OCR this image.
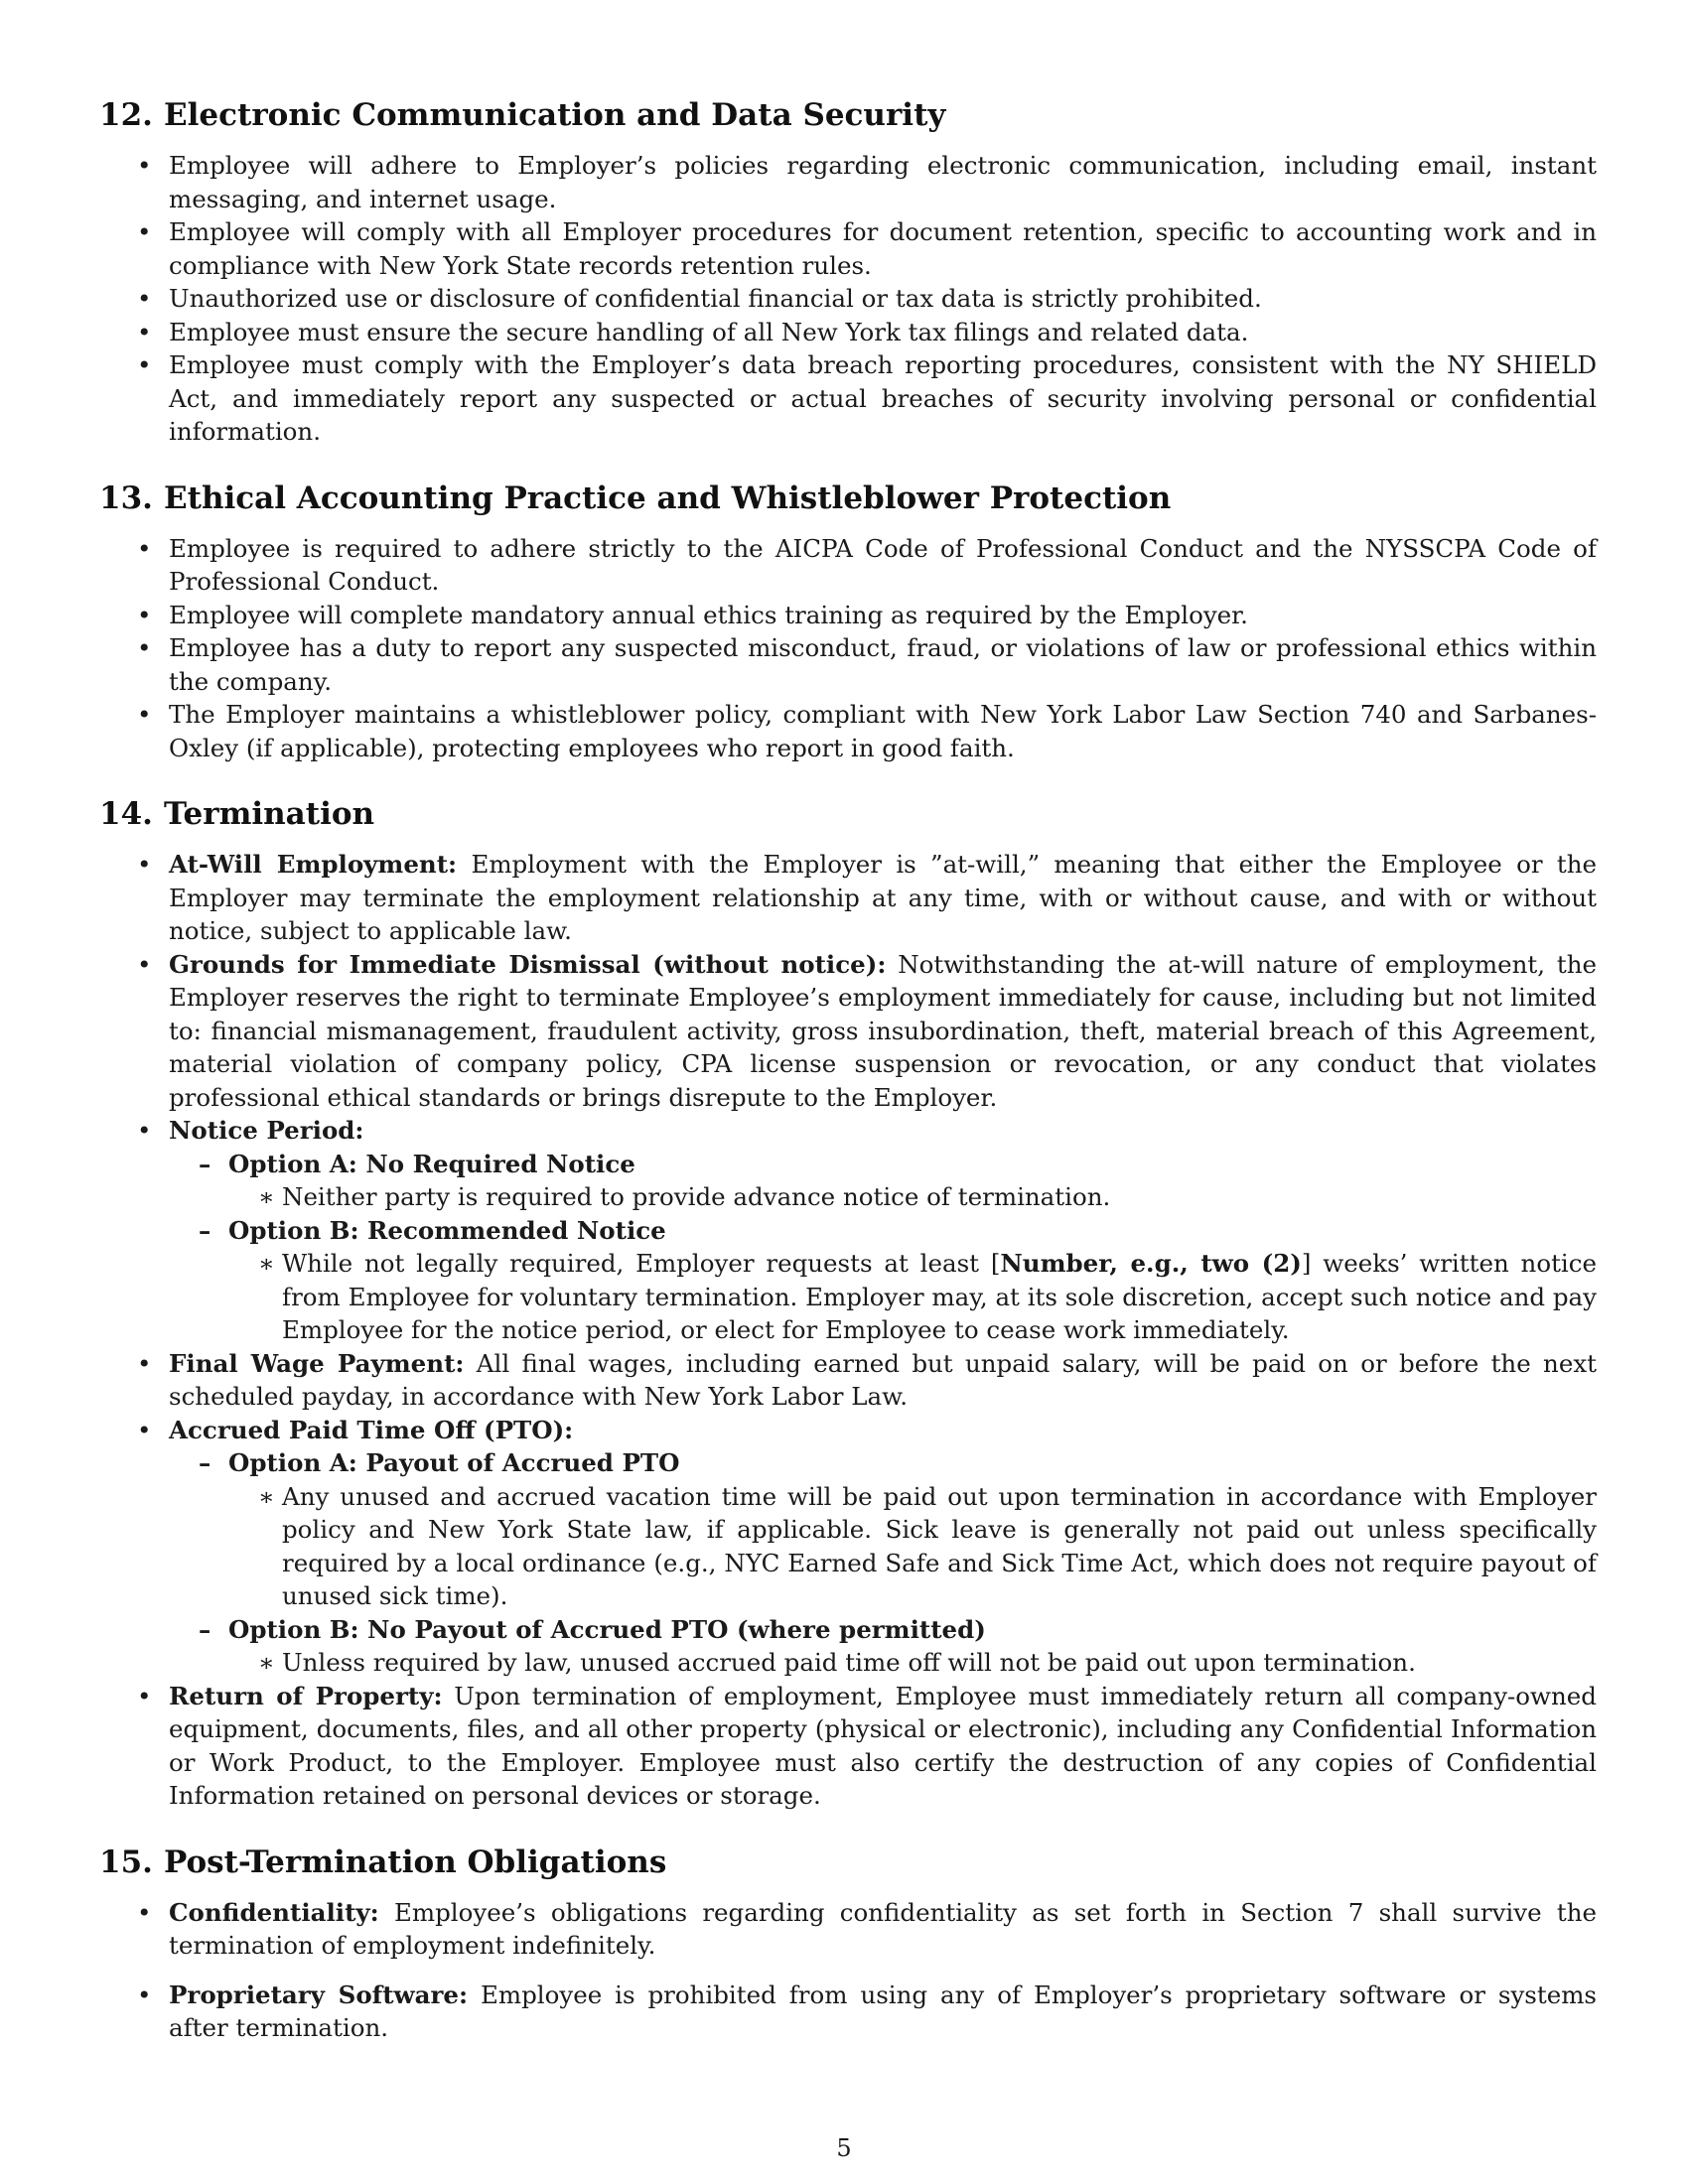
12. Electronic Communication and Data Security
• Employee will adhere to Employer’s policies regarding electronic communication, including email, instant messaging, and internet usage.
• Employee will comply with all Employer procedures for document retention, specific to accounting work and in compliance with New York State records retention rules.
• Unauthorized use or disclosure of confidential financial or tax data is strictly prohibited.
• Employee must ensure the secure handling of all New York tax filings and related data.
• Employee must comply with the Employer’s data breach reporting procedures, consistent with the NY SHIELD Act, and immediately report any suspected or actual breaches of security involving personal or confidential information.
13. Ethical Accounting Practice and Whistleblower Protection
• Employee is required to adhere strictly to the AICPA Code of Professional Conduct and the NYSSCPA Code of Professional Conduct.
• Employee will complete mandatory annual ethics training as required by the Employer.
• Employee has a duty to report any suspected misconduct, fraud, or violations of law or professional ethics within the company.
• The Employer maintains a whistleblower policy, compliant with New York Labor Law Section 740 and Sarbanes-Oxley (if applicable), protecting employees who report in good faith.
14. Termination
• At-Will Employment: Employment with the Employer is ”at-will,” meaning that either the Employee or the Employer may terminate the employment relationship at any time, with or without cause, and with or without notice, subject to applicable law.
• Grounds for Immediate Dismissal (without notice): Notwithstanding the at-will nature of employment, the Employer reserves the right to terminate Employee’s employment immediately for cause, including but not limited to: financial mismanagement, fraudulent activity, gross insubordination, theft, material breach of this Agreement, material violation of company policy, CPA license suspension or revocation, or any conduct that violates professional ethical standards or brings disrepute to the Employer.
• Notice Period:
– Option A: No Required Notice
∗ Neither party is required to provide advance notice of termination.
– Option B: Recommended Notice
∗ While not legally required, Employer requests at least [Number, e.g., two (2)] weeks’ written notice from Employee for voluntary termination. Employer may, at its sole discretion, accept such notice and pay Employee for the notice period, or elect for Employee to cease work immediately.
• Final Wage Payment: All final wages, including earned but unpaid salary, will be paid on or before the next scheduled payday, in accordance with New York Labor Law.
• Accrued Paid Time Off (PTO):
– Option A: Payout of Accrued PTO
∗ Any unused and accrued vacation time will be paid out upon termination in accordance with Employer policy and New York State law, if applicable. Sick leave is generally not paid out unless specifically required by a local ordinance (e.g., NYC Earned Safe and Sick Time Act, which does not require payout of unused sick time).
– Option B: No Payout of Accrued PTO (where permitted)
∗ Unless required by law, unused accrued paid time off will not be paid out upon termination.
• Return of Property: Upon termination of employment, Employee must immediately return all company-owned equipment, documents, files, and all other property (physical or electronic), including any Confidential Information or Work Product, to the Employer. Employee must also certify the destruction of any copies of Confidential Information retained on personal devices or storage.
15. Post-Termination Obligations
• Confidentiality: Employee’s obligations regarding confidentiality as set forth in Section 7 shall survive the termination of employment indefinitely.
• Proprietary Software: Employee is prohibited from using any of Employer’s proprietary software or systems after termination.
5
